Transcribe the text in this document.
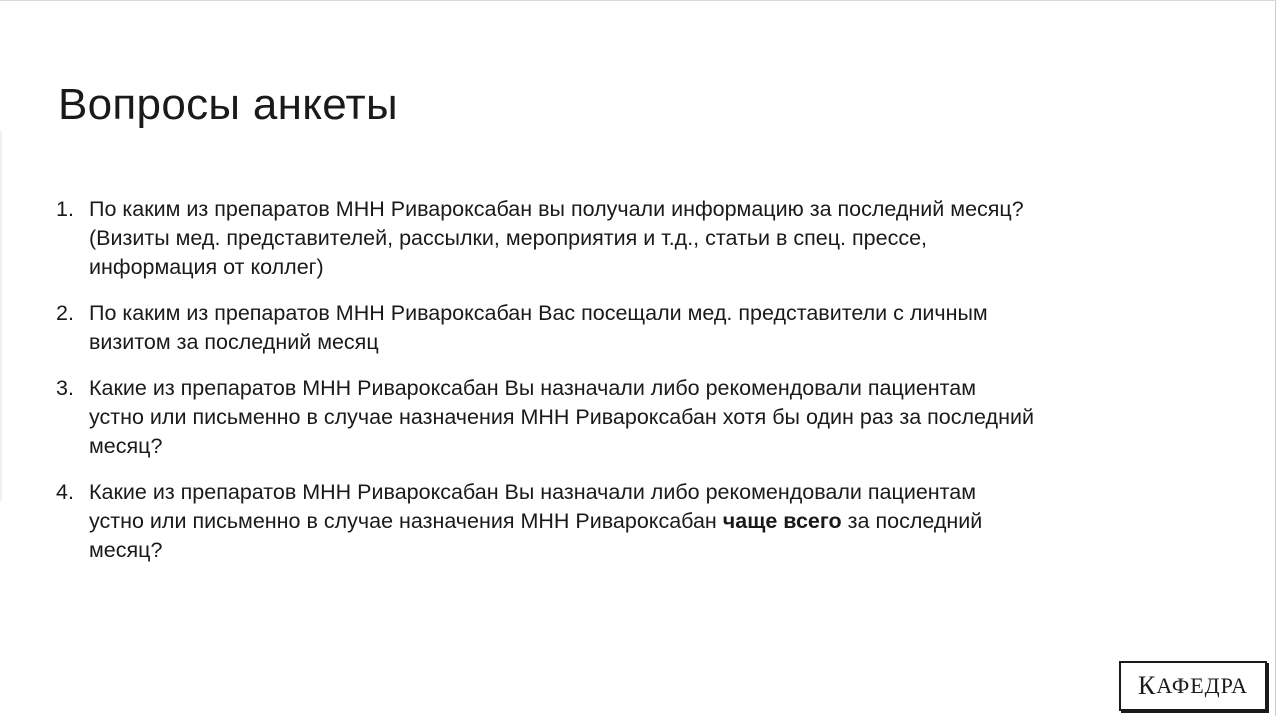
Вопросы анкеты
1. По каким из препаратов МНН Ривароксабан вы получали информацию за последний месяц? (Визиты мед. представителей, рассылки, мероприятия и т.д., статьи в спец. прессе, информация от коллег)
2. По каким из препаратов МНН Ривароксабан Вас посещали мед. представители с личным визитом за последний месяц
3. Какие из препаратов МНН Ривароксабан Вы назначали либо рекомендовали пациентам устно или письменно в случае назначения МНН Ривароксабан хотя бы один раз за последний месяц?
4. Какие из препаратов МНН Ривароксабан Вы назначали либо рекомендовали пациентам устно или письменно в случае назначения МНН Ривароксабан чаще всего за последний месяц?
К АФЕДРА
